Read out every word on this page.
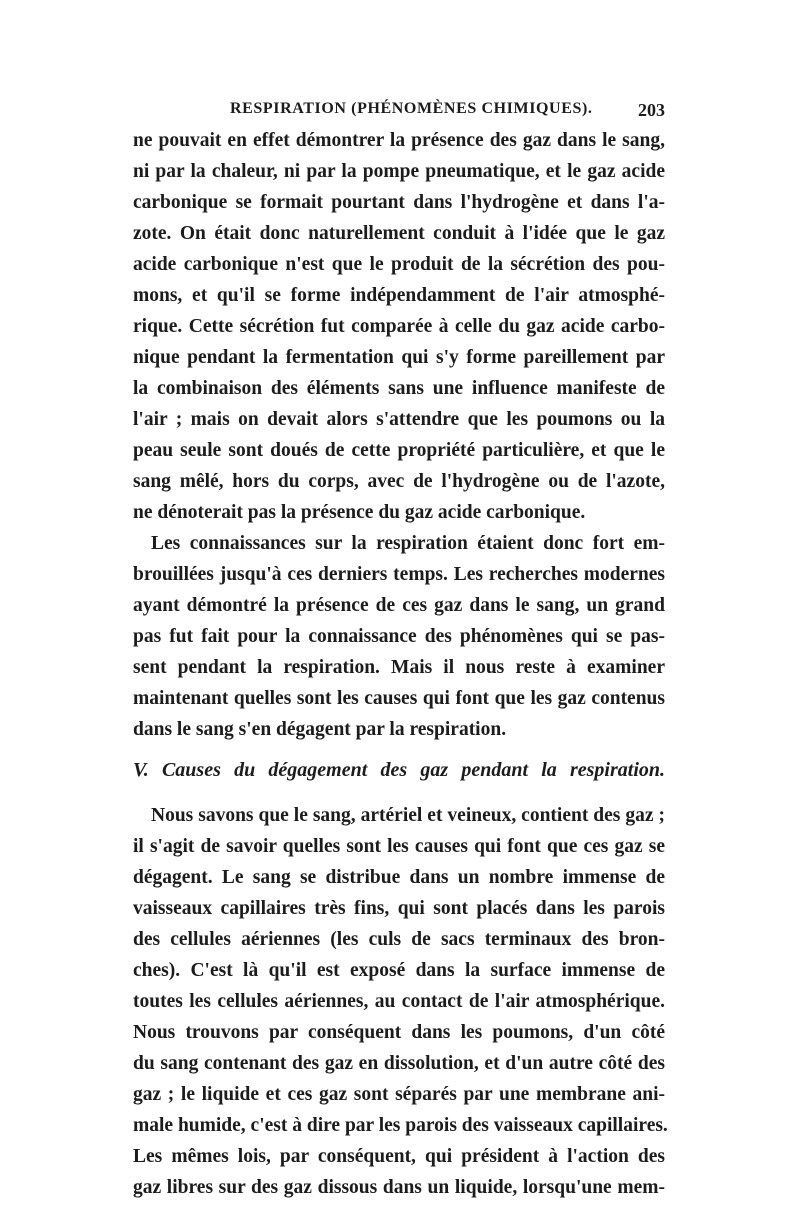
RESPIRATION (PHÉNOMÈNES CHIMIQUES).	203
ne pouvait en effet démontrer la présence des gaz dans le sang,
ni par la chaleur, ni par la pompe pneumatique, et le gaz acide
carbonique se formait pourtant dans l'hydrogène et dans l'a-
zote. On était donc naturellement conduit à l'idée que le gaz
acide carbonique n'est que le produit de la sécrétion des pou-
mons, et qu'il se forme indépendamment de l'air atmosphé-
rique. Cette sécrétion fut comparée à celle du gaz acide carbo-
nique pendant la fermentation qui s'y forme pareillement par
la combinaison des éléments sans une influence manifeste de
l'air ; mais on devait alors s'attendre que les poumons ou la
peau seule sont doués de cette propriété particulière, et que le
sang mêlé, hors du corps, avec de l'hydrogène ou de l'azote,
ne dénoterait pas la présence du gaz acide carbonique.
Les connaissances sur la respiration étaient donc fort em-
brouillées jusqu'à ces derniers temps. Les recherches modernes
ayant démontré la présence de ces gaz dans le sang, un grand
pas fut fait pour la connaissance des phénomènes qui se pas-
sent pendant la respiration. Mais il nous reste à examiner
maintenant quelles sont les causes qui font que les gaz contenus
dans le sang s'en dégagent par la respiration.
V. Causes du dégagement des gaz pendant la respiration.
Nous savons que le sang, artériel et veineux, contient des gaz ;
il s'agit de savoir quelles sont les causes qui font que ces gaz se
dégagent. Le sang se distribue dans un nombre immense de
vaisseaux capillaires très fins, qui sont placés dans les parois
des cellules aériennes (les culs de sacs terminaux des bron-
ches). C'est là qu'il est exposé dans la surface immense de
toutes les cellules aériennes, au contact de l'air atmosphérique.
Nous trouvons par conséquent dans les poumons, d'un côté
du sang contenant des gaz en dissolution, et d'un autre côté des
gaz ; le liquide et ces gaz sont séparés par une membrane ani-
male humide, c'est à dire par les parois des vaisseaux capillaires.
Les mêmes lois, par conséquent, qui président à l'action des
gaz libres sur des gaz dissous dans un liquide, lorsqu'une mem-
